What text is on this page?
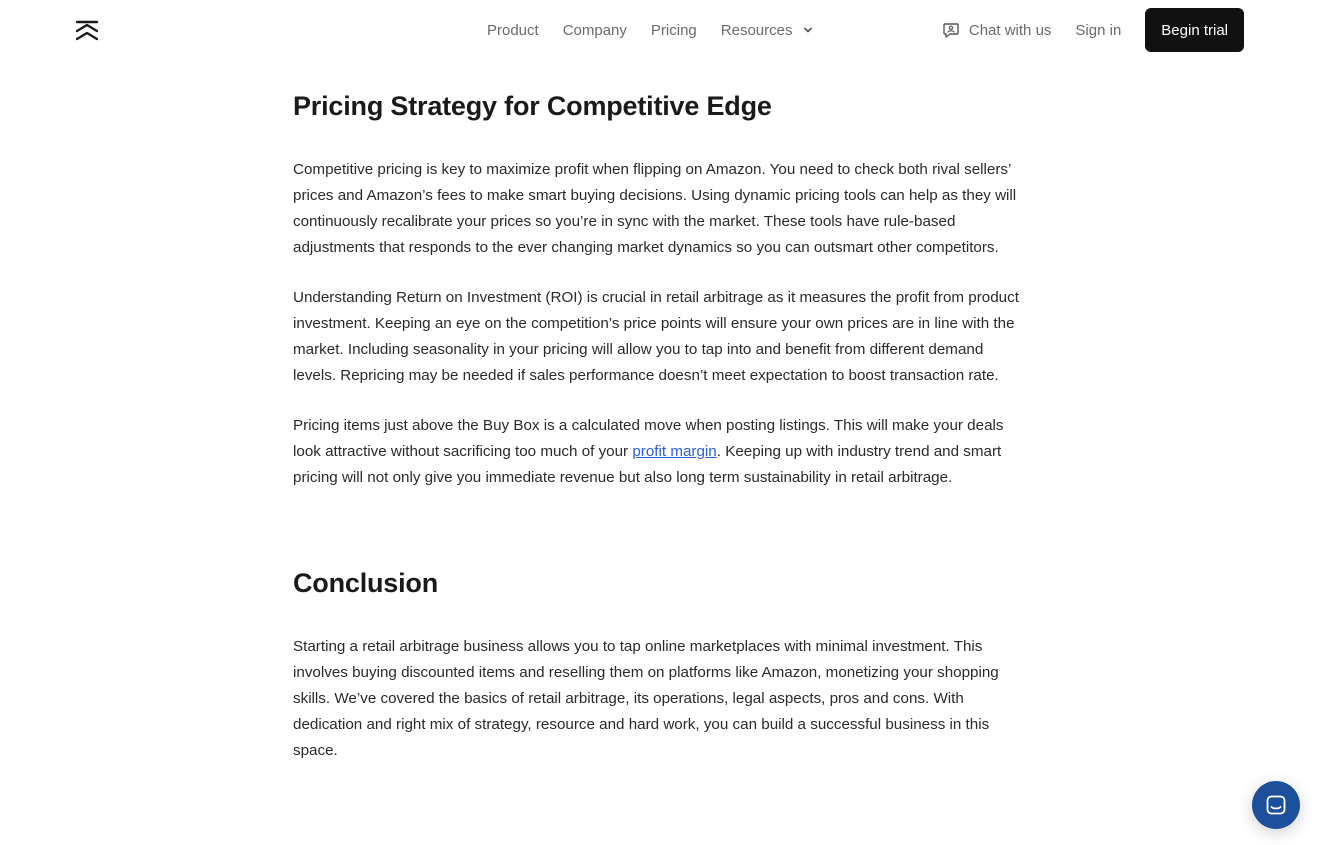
Product Company Pricing Resources	Chat with us Sign in	Begin trial
Pricing Strategy for Competitive Edge

Competitive pricing is key to maximize profit when flipping on Amazon. You need to check both rival sellers’ prices and Amazon’s fees to make smart buying decisions. Using dynamic pricing tools can help as they will continuously recalibrate your prices so you’re in sync with the market. These tools have rule-based adjustments that responds to the ever changing market dynamics so you can outsmart other competitors.

Understanding Return on Investment (ROI) is crucial in retail arbitrage as it measures the profit from product investment. Keeping an eye on the competition’s price points will ensure your own prices are in line with the market. Including seasonality in your pricing will allow you to tap into and benefit from different demand levels. Repricing may be needed if sales performance doesn’t meet expectation to boost transaction rate.

Pricing items just above the Buy Box is a calculated move when posting listings. This will make your deals look attractive without sacrificing too much of your profit margin. Keeping up with industry trend and smart pricing will not only give you immediate revenue but also long term sustainability in retail arbitrage.

Conclusion

Starting a retail arbitrage business allows you to tap online marketplaces with minimal investment. This involves buying discounted items and reselling them on platforms like Amazon, monetizing your shopping skills. We’ve covered the basics of retail arbitrage, its operations, legal aspects, pros and cons. With dedication and right mix of strategy, resource and hard work, you can build a successful business in this space.
